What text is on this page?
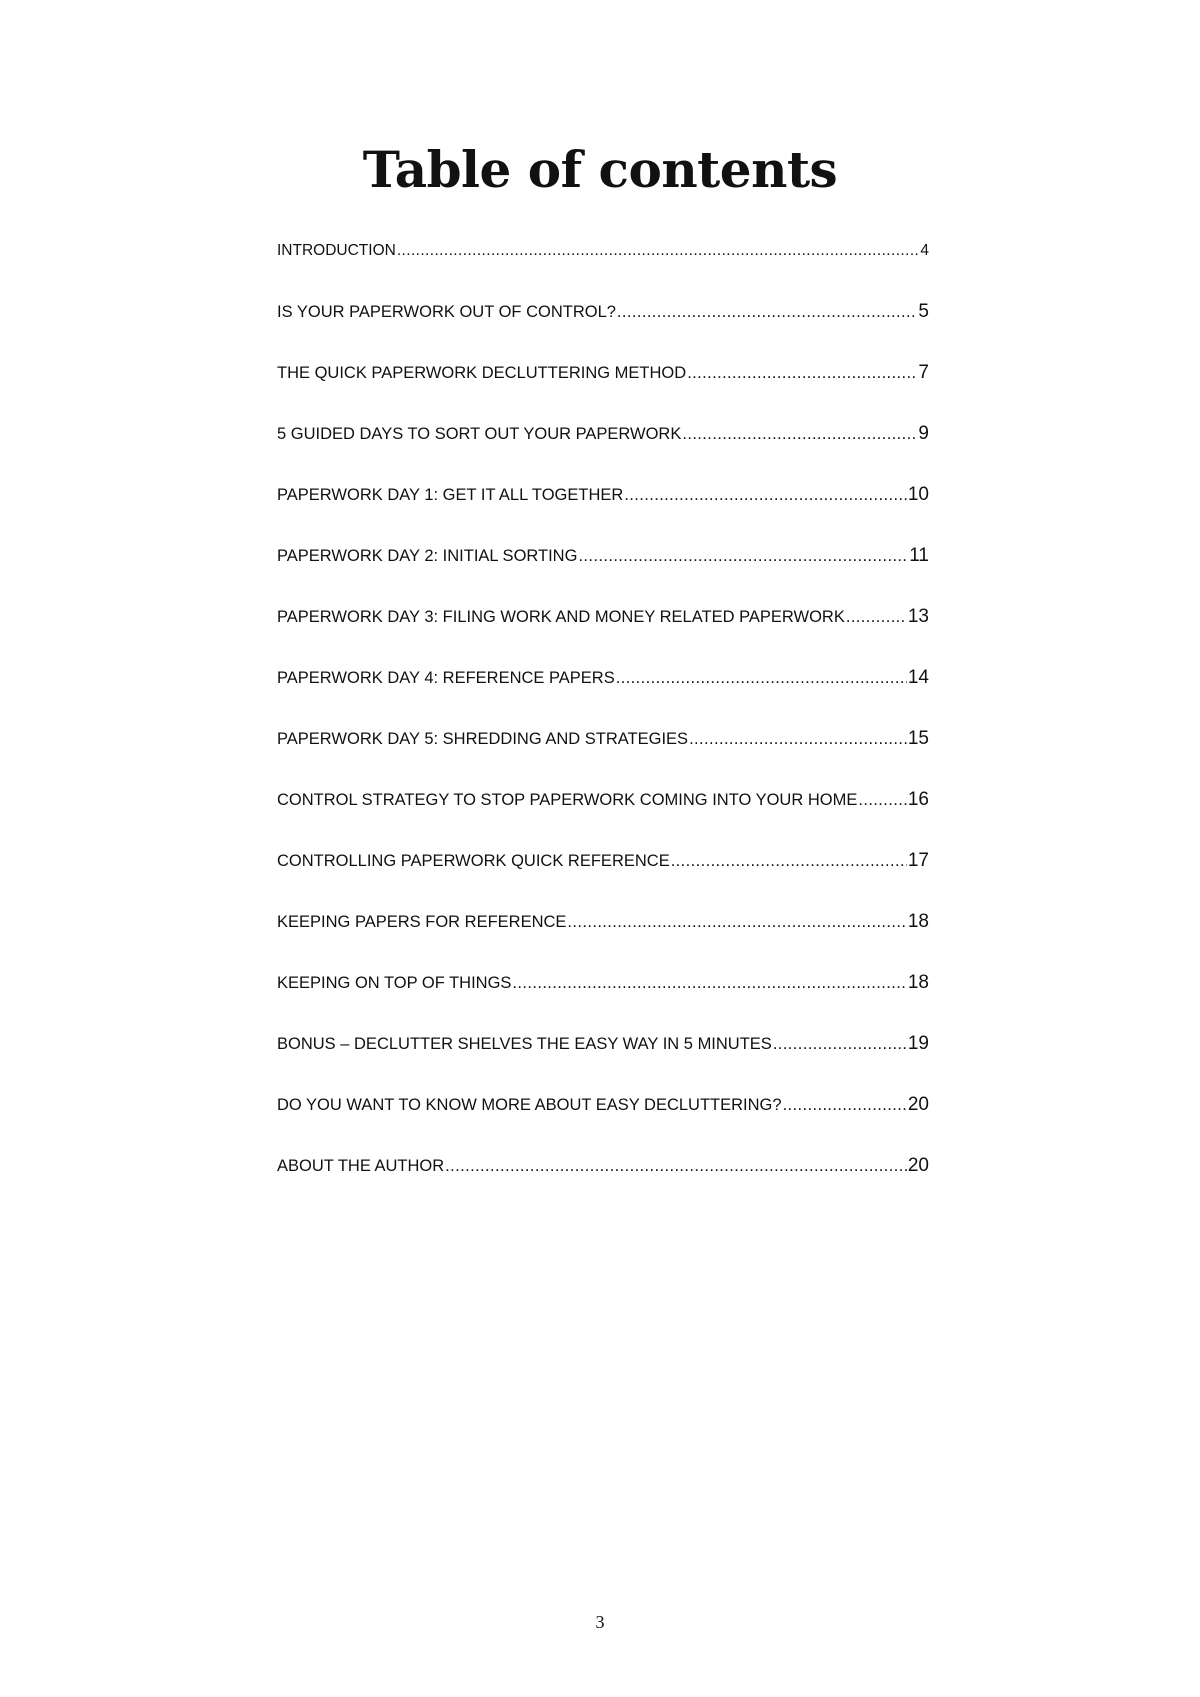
Table of contents
INTRODUCTION .....	4
IS YOUR PAPERWORK OUT OF CONTROL? .....	5
THE QUICK PAPERWORK DECLUTTERING METHOD .....	7
5 GUIDED DAYS TO SORT OUT YOUR PAPERWORK .....	9
PAPERWORK DAY 1: GET IT ALL TOGETHER .....	10
PAPERWORK DAY 2: INITIAL SORTING .....	11
PAPERWORK DAY 3: FILING WORK AND MONEY RELATED PAPERWORK .....	13
PAPERWORK DAY 4: REFERENCE PAPERS .....	14
PAPERWORK DAY 5: SHREDDING AND STRATEGIES .....	15
CONTROL STRATEGY TO STOP PAPERWORK COMING INTO YOUR HOME .....	16
CONTROLLING PAPERWORK QUICK REFERENCE .....	17
KEEPING PAPERS FOR REFERENCE .....	18
KEEPING ON TOP OF THINGS .....	18
BONUS – DECLUTTER SHELVES THE EASY WAY IN 5 MINUTES .....	19
DO YOU WANT TO KNOW MORE ABOUT EASY DECLUTTERING? .....	20
ABOUT THE AUTHOR .....	20
3
